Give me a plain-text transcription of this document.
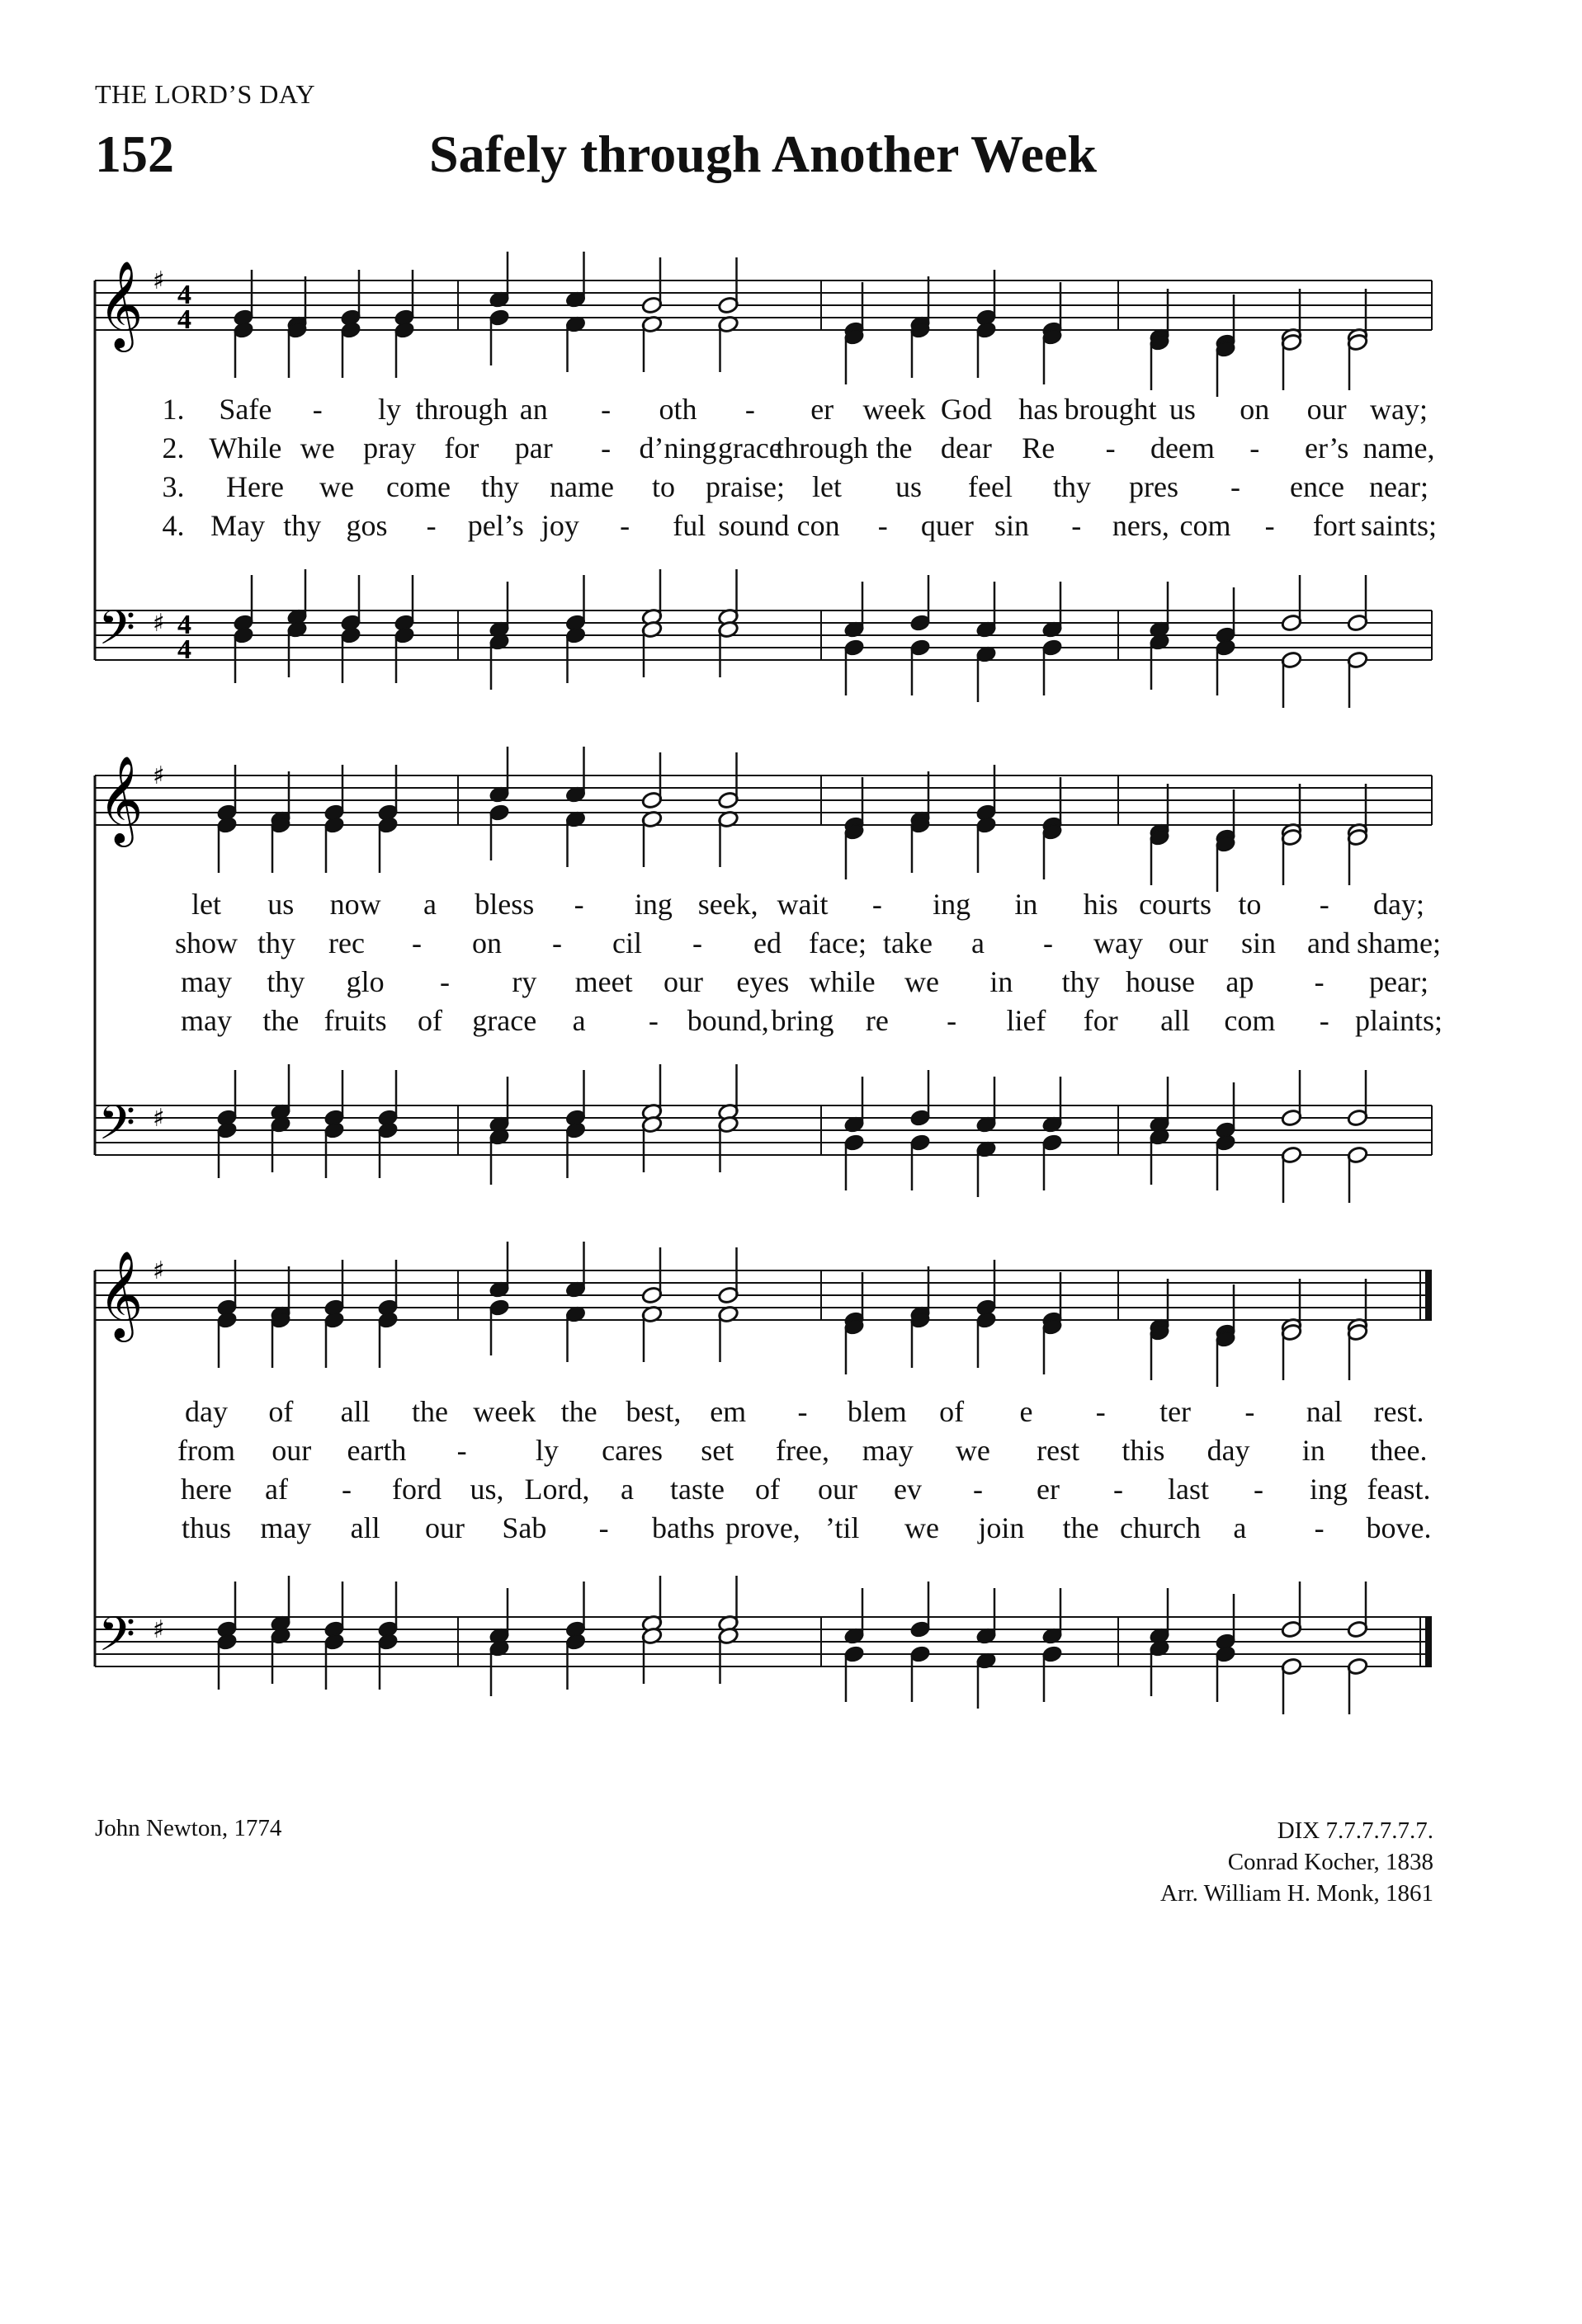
THE LORD’S DAY
152	Safely through Another Week
𝄞 ♯ 4
4
𝄢 ♯ 4
4
1. Safe - ly through an - oth - er week God has brought us on our way;
2. While we pray for par - d’ning grace
through the dear Re - deem - er’s name,
3. Here we come thy name to praise; let us feel thy pres - ence near;
4. May thy gos - pel’s joy - ful sound con - quer sin - ners, com - fort saints;
𝄞 ♯
𝄢 ♯
let us now a bless - ing seek, wait - ing in his courts to - day;
show thy rec - on - cil - ed face; take a - way our sin and shame;
may thy glo - ry meet our eyes while we in thy house ap - pear;
may the fruits of grace a - bound, bring re - lief for all com - plaints;
𝄞 ♯
𝄢 ♯
day of all the week the best, em - blem of e - ter - nal rest.
from our earth - ly cares set free, may we rest this day in thee.
here af - ford us, Lord, a taste of our ev - er - last - ing feast.
thus may all our Sab - baths prove, ’til we join the church a - bove.
John Newton, 1774	DIX 7.7.7.7.7.7.
Conrad Kocher, 1838
Arr. William H. Monk, 1861
